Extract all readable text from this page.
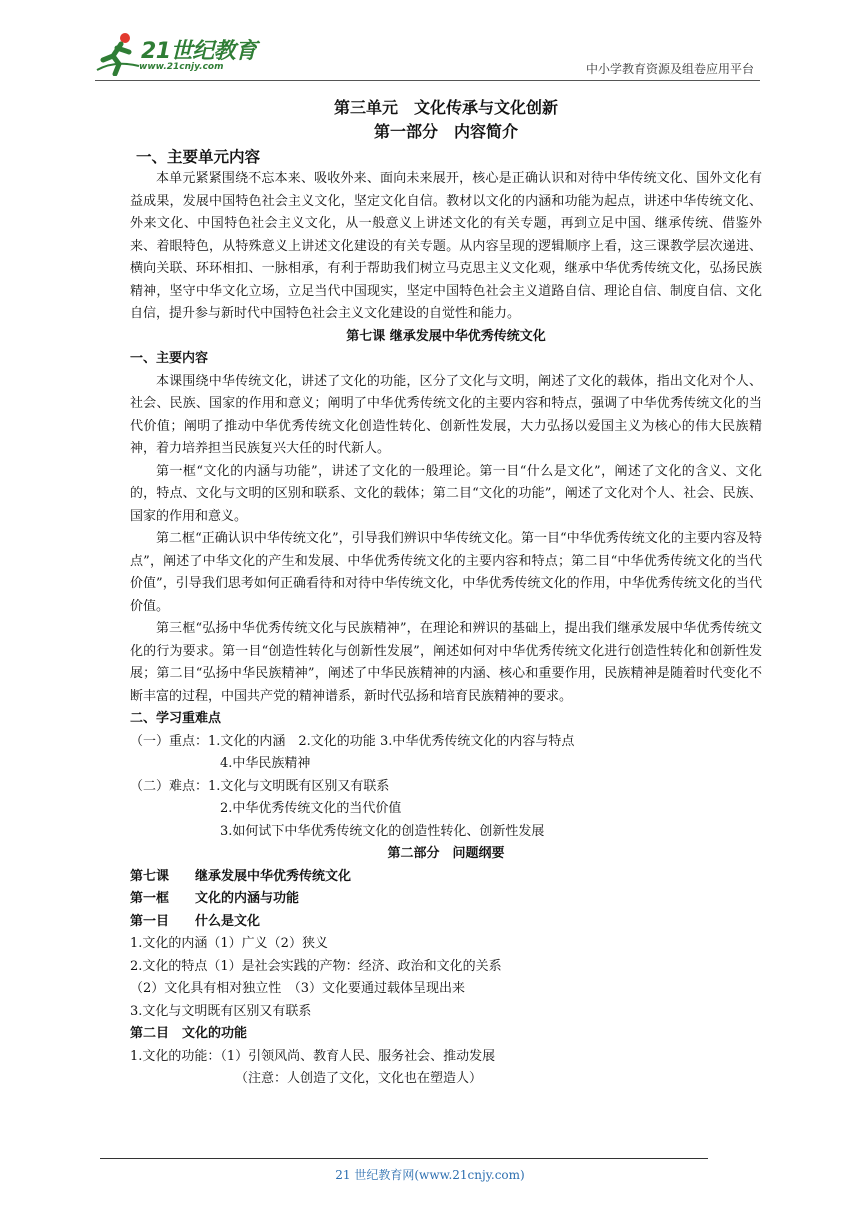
21世纪教育
www.21cnjy.com	中小学教育资源及组卷应用平台
第三单元　文化传承与文化创新
第一部分　内容简介
一、主要单元内容

本单元紧紧围绕不忘本来、吸收外来、面向未来展开，核心是正确认识和对待中华传统文化、国外文化有益成果，发展中国特色社会主义文化，坚定文化自信。教材以文化的内涵和功能为起点，讲述中华传统文化、外来文化、中国特色社会主义文化，从一般意义上讲述文化的有关专题，再到立足中国、继承传统、借鉴外来、着眼特色，从特殊意义上讲述文化建设的有关专题。从内容呈现的逻辑顺序上看，这三课教学层次递进、横向关联、环环相扣、一脉相承，有利于帮助我们树立马克思主义文化观，继承中华优秀传统文化，弘扬民族精神，坚守中华文化立场，立足当代中国现实，坚定中国特色社会主义道路自信、理论自信、制度自信、文化自信，提升参与新时代中国特色社会主义文化建设的自觉性和能力。

第七课 继承发展中华优秀传统文化
一、主要内容

本课围绕中华传统文化，讲述了文化的功能，区分了文化与文明，阐述了文化的载体，指出文化对个人、社会、民族、国家的作用和意义；阐明了中华优秀传统文化的主要内容和特点，强调了中华优秀传统文化的当代价值；阐明了推动中华优秀传统文化创造性转化、创新性发展，大力弘扬以爱国主义为核心的伟大民族精神，着力培养担当民族复兴大任的时代新人。

第一框“文化的内涵与功能”，讲述了文化的一般理论。第一目“什么是文化”，阐述了文化的含义、文化的，特点、文化与文明的区别和联系、文化的载体；第二目“文化的功能”，阐述了文化对个人、社会、民族、国家的作用和意义。

第二框“正确认识中华传统文化”，引导我们辨识中华传统文化。第一目“中华优秀传统文化的主要内容及特点”，阐述了中华文化的产生和发展、中华优秀传统文化的主要内容和特点；第二目“中华优秀传统文化的当代价值”，引导我们思考如何正确看待和对待中华传统文化，中华优秀传统文化的作用，中华优秀传统文化的当代价值。

第三框“弘扬中华优秀传统文化与民族精神”，在理论和辨识的基础上，提出我们继承发展中华优秀传统文化的行为要求。第一目“创造性转化与创新性发展”，阐述如何对中华优秀传统文化进行创造性转化和创新性发展；第二目“弘扬中华民族精神”，阐述了中华民族精神的内涵、核心和重要作用，民族精神是随着时代变化不断丰富的过程，中国共产党的精神谱系，新时代弘扬和培育民族精神的要求。

二、学习重难点
（一）重点：1.文化的内涵　2.文化的功能 3.中华优秀传统文化的内容与特点
4.中华民族精神
（二）难点：1.文化与文明既有区别又有联系
2.中华优秀传统文化的当代价值
3.如何试下中华优秀传统文化的创造性转化、创新性发展
第二部分　问题纲要
第七课　　继承发展中华优秀传统文化
第一框　　文化的内涵与功能
第一目　　什么是文化
1.文化的内涵（1）广义（2）狭义
2.文化的特点（1）是社会实践的产物：经济、政治和文化的关系
（2）文化具有相对独立性　（3）文化要通过载体呈现出来
3.文化与文明既有区别又有联系
第二目　文化的功能
1.文化的功能：（1）引领风尚、教育人民、服务社会、推动发展
（注意：人创造了文化，文化也在塑造人）
21 世纪教育网(www.21cnjy.com)
